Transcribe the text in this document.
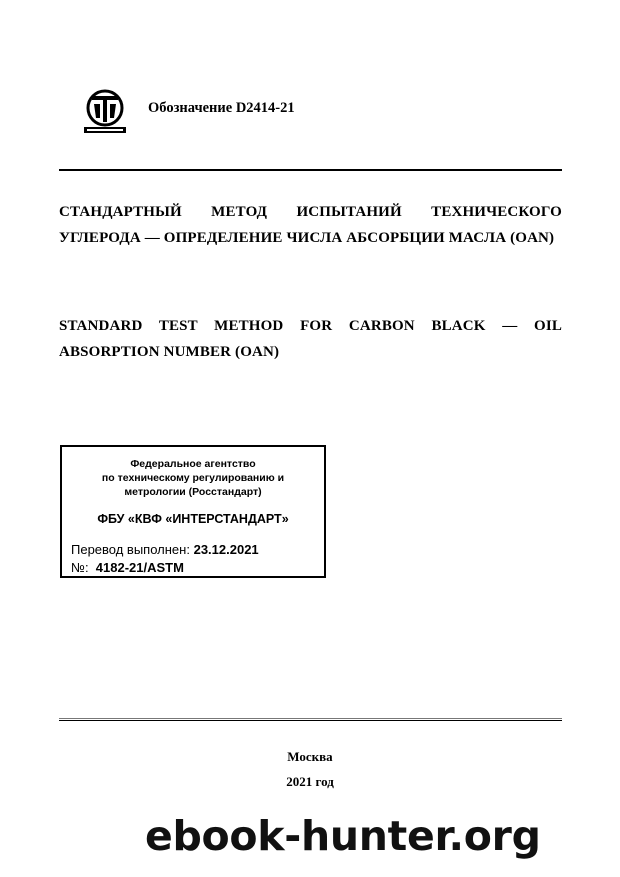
Обозначение D2414-21
СТАНДАРТНЫЙ МЕТОД ИСПЫТАНИЙ ТЕХНИЧЕСКОГО УГЛЕРОДА — ОПРЕДЕЛЕНИЕ ЧИСЛА АБСОРБЦИИ МАСЛА (OAN)
STANDARD TEST METHOD FOR CARBON BLACK — OIL ABSORPTION NUMBER (OAN)
Федеральное агентство
по техническому регулированию и
метрологии (Росстандарт)
ФБУ «КВФ «ИНТЕРСТАНДАРТ»
Перевод выполнен: 23.12.2021
№: 4182-21/ASTM
Москва
2021 год
ebook-hunter.org
